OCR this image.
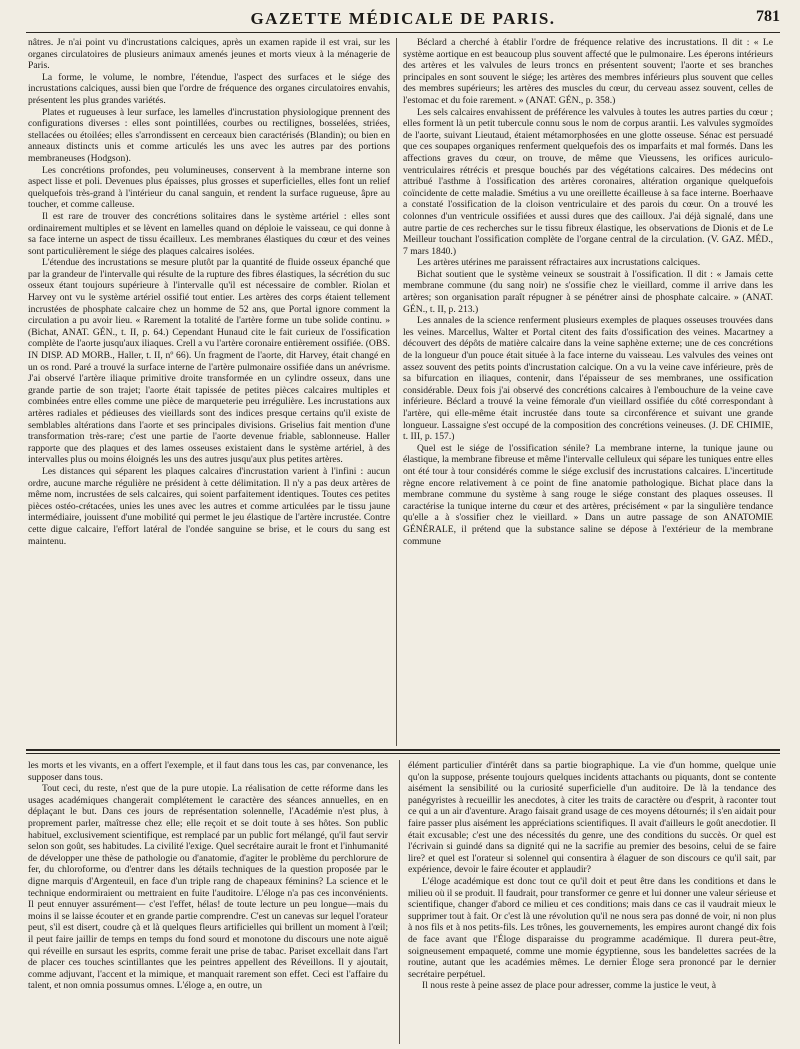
GAZETTE MÉDICALE DE PARIS.	781

nâtres. Je n'ai point vu d'incrustations calciques, après un examen rapide il est vrai, sur les organes circulatoires de plusieurs animaux amenés jeunes et morts vieux à la ménagerie de Paris.

La forme, le volume, le nombre, l'étendue, l'aspect des surfaces et le siége des incrustations calciques, aussi bien que l'ordre de fréquence des organes circulatoires envahis, présentent les plus grandes variétés.

Plates et rugueuses à leur surface, les lamelles d'incrustation physiologique prennent des configurations diverses : elles sont pointillées, courbes ou rectilignes, bosselées, striées, stellacées ou étoilées; elles s'arrondissent en cerceaux bien caractérisés (Blandin); ou bien en anneaux distincts unis et comme articulés les uns avec les autres par des portions membraneuses (Hodgson).

Les concrétions profondes, peu volumineuses, conservent à la membrane interne son aspect lisse et poli. Devenues plus épaisses, plus grosses et superficielles, elles font un relief quelquefois très-grand à l'intérieur du canal sanguin, et rendent la surface rugueuse, âpre au toucher, et comme calleuse.

Il est rare de trouver des concrétions solitaires dans le système artériel : elles sont ordinairement multiples et se lèvent en lamelles quand on déploie le vaisseau, ce qui donne à sa face interne un aspect de tissu écailleux. Les membranes élastiques du cœur et des veines sont particulièrement le siége des plaques calcaires isolées.

L'étendue des incrustations se mesure plutôt par la quantité de fluide osseux épanché que par la grandeur de l'intervalle qui résulte de la rupture des fibres élastiques, la sécrétion du suc osseux étant toujours supérieure à l'intervalle qu'il est nécessaire de combler. Riolan et Harvey ont vu le système artériel ossifié tout entier. Les artères des corps étaient tellement incrustées de phosphate calcaire chez un homme de 52 ans, que Portal ignore comment la circulation a pu avoir lieu. « Rarement la totalité de l'artère forme un tube solide continu. » (Bichat, ANAT. GÉN., t. II, p. 64.) Cependant Hunaud cite le fait curieux de l'ossification complète de l'aorte jusqu'aux iliaques. Crell a vu l'artère coronaire entièrement ossifiée. (OBS. IN DISP. AD MORB., Haller, t. II, nº 66). Un fragment de l'aorte, dit Harvey, était changé en un os rond. Paré a trouvé la surface interne de l'artère pulmonaire ossifiée dans un anévrisme. J'ai observé l'artère iliaque primitive droite transformée en un cylindre osseux, dans une grande partie de son trajet; l'aorte était tapissée de petites pièces calcaires multiples et combinées entre elles comme une pièce de marqueterie peu irrégulière. Les incrustations aux artères radiales et pédieuses des vieillards sont des indices presque certains qu'il existe de semblables altérations dans l'aorte et ses principales divisions. Griselius fait mention d'une transformation très-rare; c'est une partie de l'aorte devenue friable, sablonneuse. Haller rapporte que des plaques et des lames osseuses existaient dans le système artériel, à des intervalles plus ou moins éloignés les uns des autres jusqu'aux plus petites artères.

Les distances qui séparent les plaques calcaires d'incrustation varient à l'infini : aucun ordre, aucune marche régulière ne président à cette délimitation. Il n'y a pas deux artères de même nom, incrustées de sels calcaires, qui soient parfaitement identiques. Toutes ces petites pièces ostéo-crétacées, unies les unes avec les autres et comme articulées par le tissu jaune intermédiaire, jouissent d'une mobilité qui permet le jeu élastique de l'artère incrustée. Contre cette digue calcaire, l'effort latéral de l'ondée sanguine se brise, et le cours du sang est maintenu.

Béclard a cherché à établir l'ordre de fréquence relative des incrustations. Il dit : « Le système aortique en est beaucoup plus souvent affecté que le pulmonaire. Les éperons intérieurs des artères et les valvules de leurs troncs en présentent souvent; l'aorte et ses branches principales en sont souvent le siége; les artères des membres inférieurs plus souvent que celles des membres supérieurs; les artères des muscles du cœur, du cerveau assez souvent, celles de l'estomac et du foie rarement. » (ANAT. GÉN., p. 358.)

Les sels calcaires envahissent de préférence les valvules à toutes les autres parties du cœur ; elles forment là un petit tubercule connu sous le nom de corpus arantii. Les valvules sygmoïdes de l'aorte, suivant Lieutaud, étaient métamorphosées en une glotte osseuse. Sénac est persuadé que ces soupapes organiques renferment quelquefois des os imparfaits et mal formés. Dans les affections graves du cœur, on trouve, de même que Vieussens, les orifices auriculo-ventriculaires rétrécis et presque bouchés par des végétations calcaires. Des médecins ont attribué l'asthme à l'ossification des artères coronaires, altération organique quelquefois coïncidente de cette maladie. Smétius a vu une oreillette écailleuse à sa face interne. Boerhaave a constaté l'ossification de la cloison ventriculaire et des parois du cœur. On a trouvé les colonnes d'un ventricule ossifiées et aussi dures que des cailloux. J'ai déjà signalé, dans une autre partie de ces recherches sur le tissu fibreux élastique, les observations de Dionis et de Le Meilleur touchant l'ossification complète de l'organe central de la circulation. (V. GAZ. MÉD., 7 mars 1840.)

Les artères utérines me paraissent réfractaires aux incrustations calciques.

Bichat soutient que le système veineux se soustrait à l'ossification. Il dit : « Jamais cette membrane commune (du sang noir) ne s'ossifie chez le vieillard, comme il arrive dans les artères; son organisation paraît répugner à se pénétrer ainsi de phosphate calcaire. » (ANAT. GÉN., t. II, p. 213.)

Les annales de la science renferment plusieurs exemples de plaques osseuses trouvées dans les veines. Marcellus, Walter et Portal citent des faits d'ossification des veines. Macartney a découvert des dépôts de matière calcaire dans la veine saphène externe; une de ces concrétions de la longueur d'un pouce était située à la face interne du vaisseau. Les valvules des veines ont assez souvent des petits points d'incrustation calcique. On a vu la veine cave inférieure, près de sa bifurcation en iliaques, contenir, dans l'épaisseur de ses membranes, une ossification considérable. Deux fois j'ai observé des concrétions calcaires à l'embouchure de la veine cave inférieure. Béclard a trouvé la veine fémorale d'un vieillard ossifiée du côté correspondant à l'artère, qui elle-même était incrustée dans toute sa circonférence et suivant une grande longueur. Lassaigne s'est occupé de la composition des concrétions veineuses. (J. DE CHIMIE, t. III, p. 157.)

Quel est le siége de l'ossification sénile? La membrane interne, la tunique jaune ou élastique, la membrane fibreuse et même l'intervalle celluleux qui sépare les tuniques entre elles ont été tour à tour considérés comme le siége exclusif des incrustations calcaires. L'incertitude règne encore relativement à ce point de fine anatomie pathologique. Bichat place dans la membrane commune du système à sang rouge le siége constant des plaques osseuses. Il caractérise la tunique interne du cœur et des artères, précisément « par la singulière tendance qu'elle a à s'ossifier chez le vieillard. » Dans un autre passage de son ANATOMIE GÉNÉRALE, il prétend que la substance saline se dépose à l'extérieur de la membrane commune

les morts et les vivants, en a offert l'exemple, et il faut dans tous les cas, par convenance, les supposer dans tous.

Tout ceci, du reste, n'est que de la pure utopie. La réalisation de cette réforme dans les usages académiques changerait complétement le caractère des séances annuelles, en en déplaçant le but. Dans ces jours de représentation solennelle, l'Académie n'est plus, à proprement parler, maîtresse chez elle; elle reçoit et se doit toute à ses hôtes. Son public habituel, exclusivement scientifique, est remplacé par un public fort mélangé, qu'il faut servir selon son goût, ses habitudes. La civilité l'exige. Quel secrétaire aurait le front et l'inhumanité de développer une thèse de pathologie ou d'anatomie, d'agiter le problème du perchlorure de fer, du chloroforme, ou d'entrer dans les détails techniques de la question proposée par le digne marquis d'Argenteuil, en face d'un triple rang de chapeaux féminins? La science et le technique endormiraient ou mettraient en fuite l'auditoire. L'éloge n'a pas ces inconvénients. Il peut ennuyer assurément— c'est l'effet, hélas! de toute lecture un peu longue—mais du moins il se laisse écouter et en grande partie comprendre. C'est un canevas sur lequel l'orateur peut, s'il est disert, coudre çà et là quelques fleurs artificielles qui brillent un moment à l'œil; il peut faire jaillir de temps en temps du fond sourd et monotone du discours une note aiguë qui réveille en sursaut les esprits, comme ferait une prise de tabac. Pariset excellait dans l'art de placer ces touches scintillantes que les peintres appellent des Réveillons. Il y ajoutait, comme adjuvant, l'accent et la mimique, et manquait rarement son effet. Ceci est l'affaire du talent, et non omnia possumus omnes. L'éloge a, en outre, un

élément particulier d'intérêt dans sa partie biographique. La vie d'un homme, quelque unie qu'on la suppose, présente toujours quelques incidents attachants ou piquants, dont se contente aisément la sensibilité ou la curiosité superficielle d'un auditoire. De là la tendance des panégyristes à recueillir les anecdotes, à citer les traits de caractère ou d'esprit, à raconter tout ce qui a un air d'aventure. Arago faisait grand usage de ces moyens détournés; il s'en aidait pour faire passer plus aisément les appréciations scientifiques. Il avait d'ailleurs le goût anecdotier. Il était excusable; c'est une des nécessités du genre, une des conditions du succès. Or quel est l'écrivain si guindé dans sa dignité qui ne la sacrifie au premier des besoins, celui de se faire lire? et quel est l'orateur si solennel qui consentira à élaguer de son discours ce qu'il sait, par expérience, devoir le faire écouter et applaudir?

L'éloge académique est donc tout ce qu'il doit et peut être dans les conditions et dans le milieu où il se produit. Il faudrait, pour transformer ce genre et lui donner une valeur sérieuse et scientifique, changer d'abord ce milieu et ces conditions; mais dans ce cas il vaudrait mieux le supprimer tout à fait. Or c'est là une révolution qu'il ne nous sera pas donné de voir, ni non plus à nos fils et à nos petits-fils. Les trônes, les gouvernements, les empires auront changé dix fois de face avant que l'Éloge disparaisse du programme académique. Il durera peut-être, soigneusement empaqueté, comme une momie égyptienne, sous les bandelettes sacrées de la routine, autant que les académies mêmes. Le dernier Éloge sera prononcé par le dernier secrétaire perpétuel.

Il nous reste à peine assez de place pour adresser, comme la justice le veut, à
